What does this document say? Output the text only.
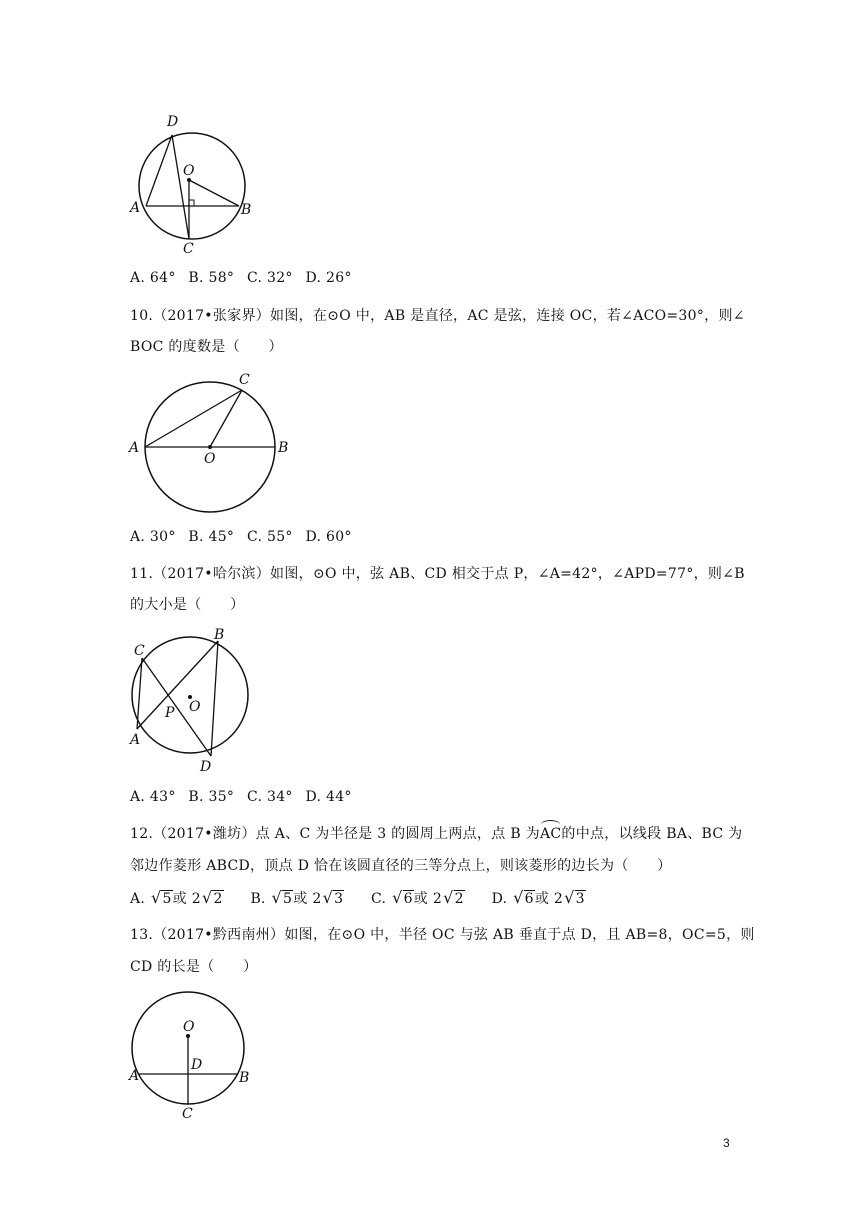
D
O
A	B
C
A. 64° B. 58° C. 32° D. 26°
10.（2017•张家界）如图，在⊙O 中，AB 是直径，AC 是弦，连接 OC，若∠ACO=30°，则∠
BOC 的度数是（　　）
C
A
O
B
A. 30° B. 45° C. 55° D. 60°
11.（2017•哈尔滨）如图，⊙O 中，弦 AB、CD 相交于点 P，∠A=42°，∠APD=77°，则∠B
的大小是（　　）
B
C
O
P
A
D
A. 43° B. 35° C. 34° D. 44°
12.（2017•潍坊）点 A、C 为半径是 3 的圆周上两点，点 B 为AC的中点，以线段 BA、BC 为
邻边作菱形 ABCD，顶点 D 恰在该圆直径的三等分点上，则该菱形的边长为（　　）
A. √5或 2√2 B. √5或 2√3 C. √6或 2√2 D. √6或 2√3
13.（2017•黔西南州）如图，在⊙O 中，半径 OC 与弦 AB 垂直于点 D，且 AB=8，OC=5，则
CD 的长是（　　）
O
D
A	B
C
3
